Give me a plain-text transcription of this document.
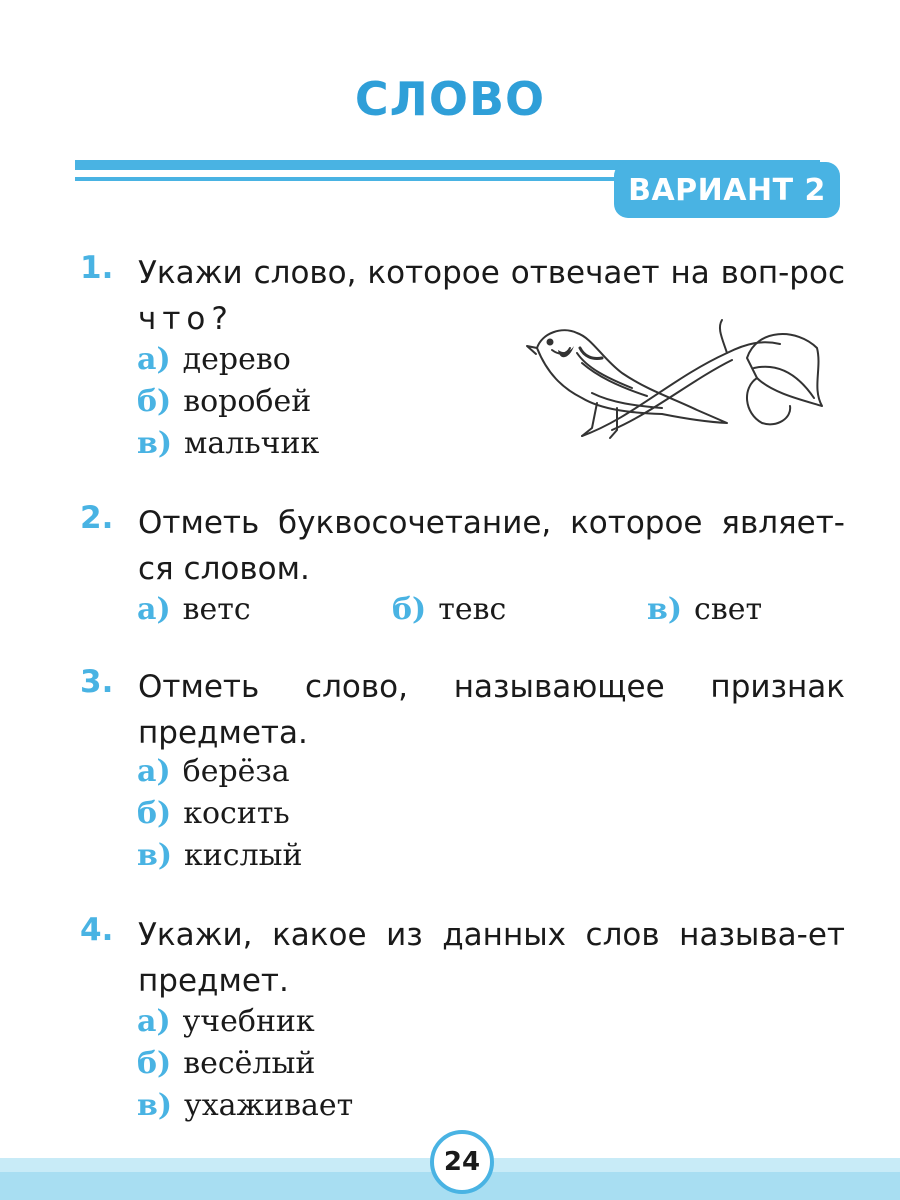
СЛОВО
ВАРИАНТ 2
1. Укажи слово, которое отвечает на воп-рос что?
а) дерево
б) воробей
в) мальчик
2. Отметь буквосочетание, которое являет-ся словом.
а) ветс	б) тевс	в) свет
3. Отметь слово, называющее признак предмета.
а) берёза
б) косить
в) кислый
4. Укажи, какое из данных слов называ-ет предмет.
а) учебник
б) весёлый
в) ухаживает
24
